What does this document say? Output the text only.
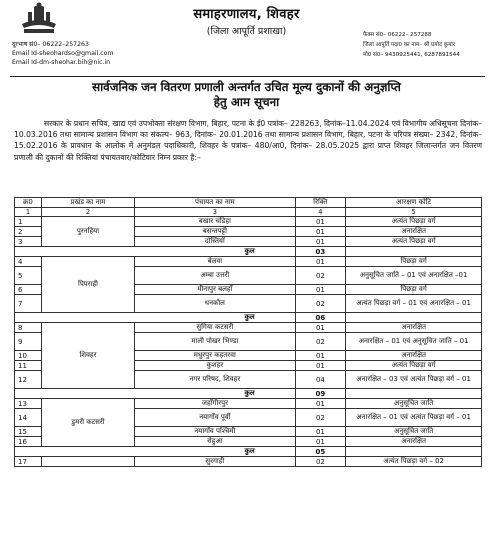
दूरभाष सं0– 06222–257263
Email Id-sheohardso@gmail.com
Email Id-dm-sheohar.bih@nic.in
समाहरणालय, शिवहर
(जिला आपूर्ति प्रशाखा)	फैक्स सं0– 06222– 257288
जिला आपूर्ति पदा0 का नाम– श्री प्रमोद कुमार
मो0 सं0– 9430925441, 6287891544
सार्वजनिक जन वितरण प्रणाली अन्तर्गत उचित मूल्य दुकानों की अनुज्ञप्ति
हेतु आम सूचना

सरकार के प्रधान सचिव, खाद्य एवं उपभोक्ता संरक्षण विभाग, बिहार, पटना के ई0 पत्रांक– 228263, दिनांक–11.04.2024 एवं विभागीय अधिसूचना दिनांक– 10.03.2016 तथा सामान्य प्रशासन विभाग का संकल्प– 963, दिनांक– 20.01.2016 तथा सामान्य प्रशासन विभाग, बिहार, पटना के परिपत्र संख्या– 2342, दिनांक– 15.02.2016 के प्रावधान के आलोक में अनुमंडल पदाधिकारी, शिवहर के पत्रांक– 480/आ0, दिनांक– 28.05.2025 द्वारा प्राप्त शिवहर जिलान्तर्गत जन वितरण प्रणाली की दुकानों की रिक्तियां पंचायतवार/कोटिवार निम्न प्रकार है:–

क्र0	प्रखंड का नाम	पंचायत का नाम	रिक्ति	आरक्षण कोटि
1	2	3	4	5
1	पुरनहिया	बखार चंडिहा	01	अत्यंत पिछड़ा वर्ग
2		बसन्तपट्टी	01	अनारक्षित
3		दोस्तियॉ	01	अत्यंत पिछड़ा वर्ग
कुल			03	
4	पिपराही	बेलवा	01	पिछड़ा वर्ग
5		अम्बा उत्तरी	02	अनुसूचित जाति – 01 एवं अनारक्षित –01
6		मीनापुर बलहाँ	01	पिछड़ा वर्ग
7		धनकौल	02	अत्यंत पिछड़ा वर्ग – 01 एवं अनारक्षित – 01
कुल			06	
8	शिवहर	सुगिया कटसरी	01	अनारक्षित
9		माली पोखर भिण्डा	02	अनारक्षित – 01 एवं अनुसूचित जाति – 01
10		मधुरपुर कहतरवा	01	अनारक्षित
11		कुशहर	01	अत्यंत पिछड़ा वर्ग
12		नगर परिषद, शिवहर	04	अनारक्षित – 03 एवं अत्यंत पिछड़ा वर्ग – 01
कुल			09	
13	डुमरी कटसरी	जहाँगीरपुर	01	अनुसूचित जाति
14		नयागाँव पूर्वी	02	अनारक्षित – 01 एवं अत्यंत पिछड़ा वर्ग – 01
15		नयागाँव पश्चिमी	01	अनुसूचित जाति
16		रोहुआ	01	अनारक्षित
कुल			05	
17		सुरगाही	02	अत्यंत पिछड़ा वर्ग – 02
